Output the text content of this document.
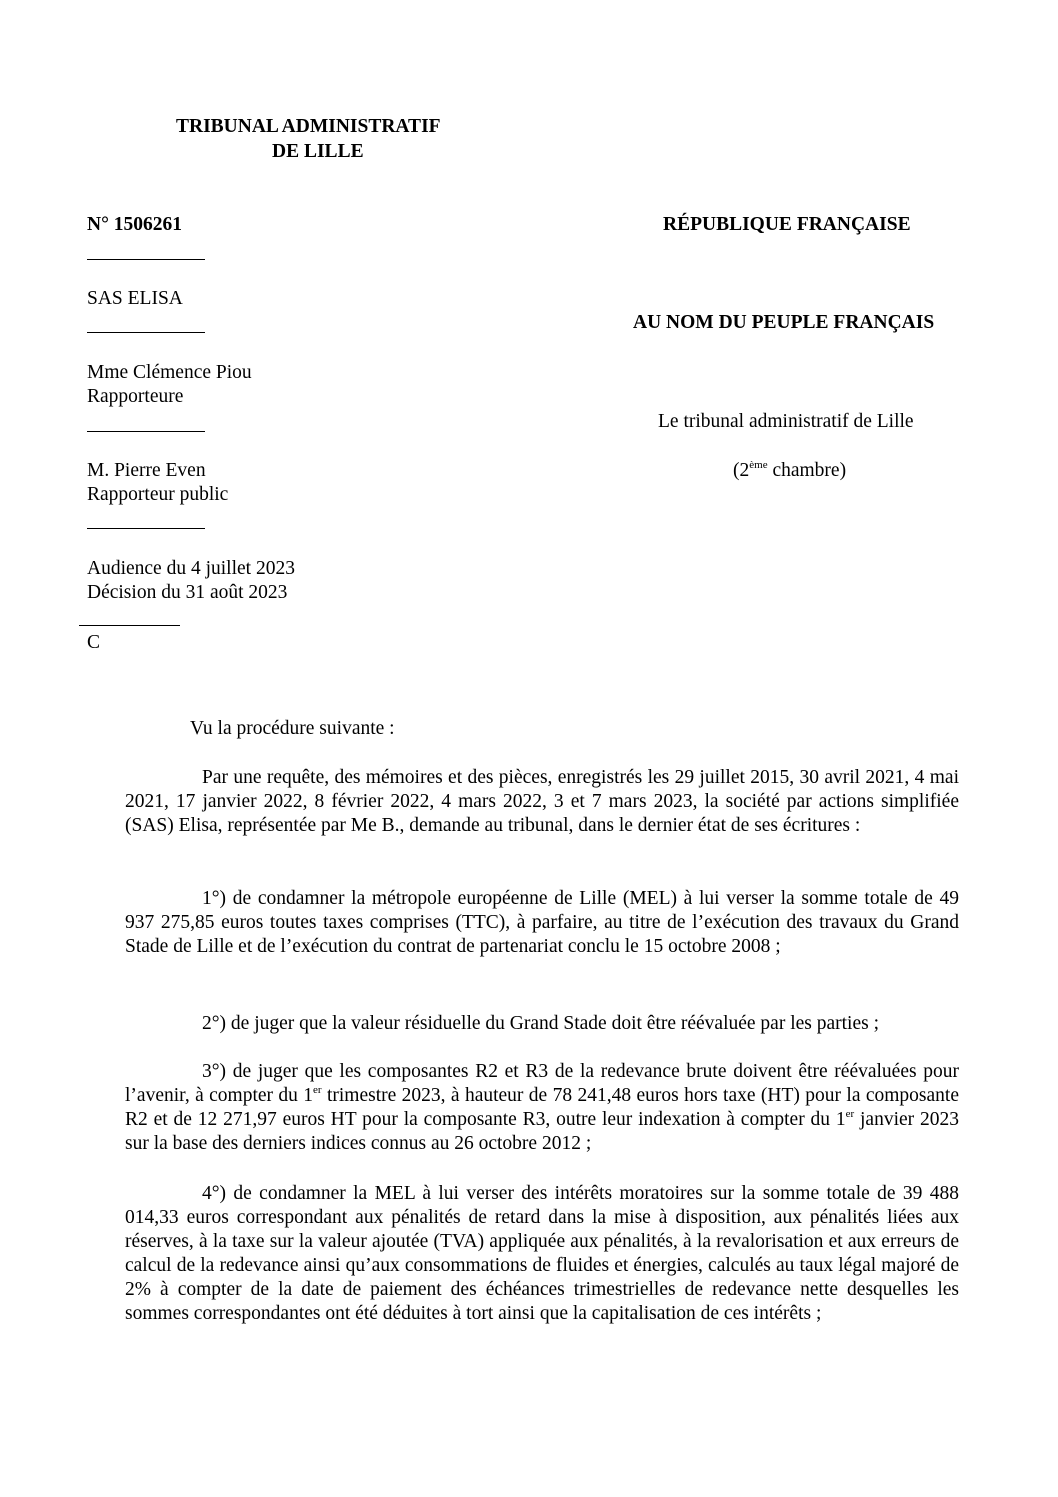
TRIBUNAL ADMINISTRATIF
DE LILLE
N° 1506261	RÉPUBLIQUE FRANÇAISE
SAS ELISA
AU NOM DU PEUPLE FRANÇAIS
Mme Clémence Piou
Rapporteure
Le tribunal administratif de Lille
M. Pierre Even	(2ème chambre)
Rapporteur public
Audience du 4 juillet 2023
Décision du 31 août 2023
C
Vu la procédure suivante :
Par une requête, des mémoires et des pièces, enregistrés les 29 juillet 2015, 30 avril 2021, 4 mai 2021, 17 janvier 2022, 8 février 2022, 4 mars 2022, 3 et 7 mars 2023, la société par actions simplifiée (SAS) Elisa, représentée par Me B., demande au tribunal, dans le dernier état de ses écritures :
1°) de condamner la métropole européenne de Lille (MEL) à lui verser la somme totale de 49 937 275,85 euros toutes taxes comprises (TTC), à parfaire, au titre de l’exécution des travaux du Grand Stade de Lille et de l’exécution du contrat de partenariat conclu le 15 octobre 2008 ;
2°) de juger que la valeur résiduelle du Grand Stade doit être réévaluée par les parties ;
3°) de juger que les composantes R2 et R3 de la redevance brute doivent être réévaluées pour l’avenir, à compter du 1er trimestre 2023, à hauteur de 78 241,48 euros hors taxe (HT) pour la composante R2 et de 12 271,97 euros HT pour la composante R3, outre leur indexation à compter du 1er janvier 2023 sur la base des derniers indices connus au 26 octobre 2012 ;
4°) de condamner la MEL à lui verser des intérêts moratoires sur la somme totale de 39 488 014,33 euros correspondant aux pénalités de retard dans la mise à disposition, aux pénalités liées aux réserves, à la taxe sur la valeur ajoutée (TVA) appliquée aux pénalités, à la revalorisation et aux erreurs de calcul de la redevance ainsi qu’aux consommations de fluides et énergies, calculés au taux légal majoré de 2% à compter de la date de paiement des échéances trimestrielles de redevance nette desquelles les sommes correspondantes ont été déduites à tort ainsi que la capitalisation de ces intérêts ;
